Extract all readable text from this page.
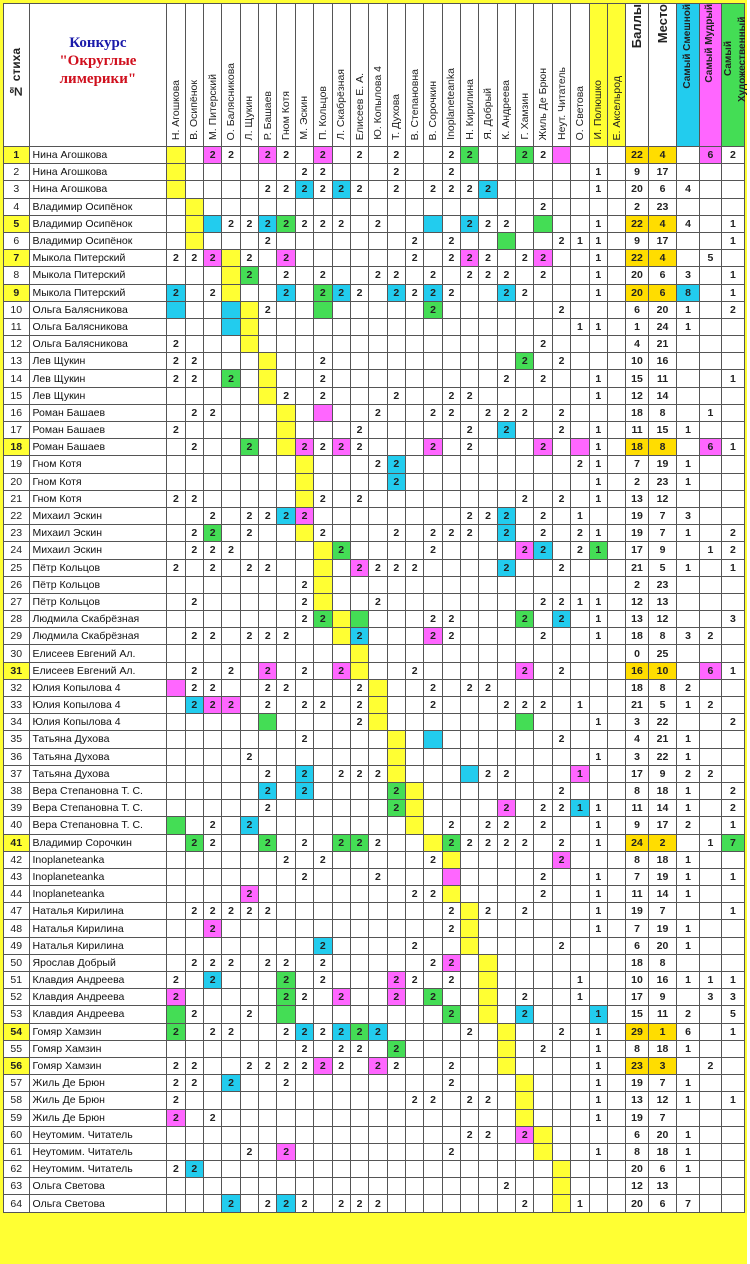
№ стиха	Конкурс
"Округлые лимерики"	Н. Агошкова	В. Осипёнок	М. Питерский	О. Балясникова	Л. Щукин	Р. Башаев	Гном Котя	М. Эскин	П. Кольцов	Л. Скабрёзная	Елисеев Е. А.	Ю. Копылова 4	Т. Духова	В. Степановна	В. Сорочкин	Inoplaneteanka	Н. Кирилина	Я. Добрый	К. Андреева	Г. Хамзин	Жиль Де Брюн	Неут. Читатель	О. Светова	И. Полюшко	Е. Аксельрод	Баллы	Место	Самый Смешной	Самый Мудрый	Самый Художественный
1	Нина Агошкова			2	2		2	2		2		2		2			2	2			2	2					22	4		6	2
2	Нина Агошкова								2	2				2			2								1		9	17			
3	Нина Агошкова						2	2	2	2	2	2		2		2	2	2	2						1		20	6	4		
4	Владимир Осипёнок																					2					2	23			
5	Владимир Осипёнок				2	2	2	2	2	2	2		2					2	2	2					1		22	4	4		1
6	Владимир Осипёнок						2								2		2						2	1	1		9	17			1
7	Мыкола Питерский	2	2	2		2		2							2		2	2	2		2	2			1		22	4		5	
8	Мыкола Питерский					2		2		2			2	2		2		2	2	2		2			1		20	6	3		1
9	Мыкола Питерский	2		2				2		2	2	2		2	2	2	2			2	2				1		20	6	8		1
10	Ольга Балясникова						2									2							2				6	20	1		2
11	Ольга Балясникова																							1	1		1	24	1		
12	Ольга Балясникова	2																				2					4	21			
13	Лев Щукин	2	2							2											2		2				10	16			
14	Лев Щукин	2	2		2					2										2		2			1		15	11			1
15	Лев Щукин							2		2				2			2	2							1		12	14			
16	Роман Башаев		2	2									2			2	2		2	2	2		2				18	8		1	
17	Роман Башаев	2										2						2		2			2		1		11	15	1		
18	Роман Башаев		2			2			2	2	2	2				2		2				2			1		18	8		6	1
19	Гном Котя												2	2										2	1		7	19	1		
20	Гном Котя													2											1		2	23	1		
21	Гном Котя	2	2							2		2									2		2		1		13	12			
22	Михаил Эскин			2		2	2	2	2									2	2	2		2		1			19	7	3		
23	Михаил Эскин		2	2		2				2				2		2	2	2		2		2		2	1		19	7	1		2
24	Михаил Эскин		2	2	2						2					2					2	2		2	1		17	9		1	2
25	Пётр Кольцов	2		2		2	2					2	2	2	2					2			2				21	5	1		1
26	Пётр Кольцов								2																		2	23			
27	Пётр Кольцов		2						2				2									2	2	1	1		12	13			
28	Людмила Скабрёзная								2	2						2	2				2		2		1		13	12			3
29	Людмила Скабрёзная		2	2		2	2	2				2				2	2					2			1		18	8	3	2	
30	Елисеев Евгений Ал.																										0	25			
31	Елисеев Евгений Ал.		2		2		2		2		2				2						2		2				16	10		6	1
32	Юлия Копылова 4		2	2			2	2				2				2		2	2								18	8	2		
33	Юлия Копылова 4		2	2	2		2		2	2		2				2				2	2	2		1			21	5	1	2	
34	Юлия Копылова 4											2													1		3	22			2
35	Татьяна Духова								2														2				4	21	1		
36	Татьяна Духова					2																			1		3	22	1		
37	Татьяна Духова						2		2		2	2	2						2	2				1			17	9	2	2	
38	Вера Степановна Т. С.						2		2					2									2				8	18	1		2
39	Вера Степановна Т. С.						2							2						2		2	2	1	1		11	14	1		2
40	Вера Степановна Т. С.			2		2											2		2	2		2			1		9	17	2		1
41	Владимир Сорочкин		2	2			2		2		2	2	2				2	2	2	2	2		2		1		24	2		1	7
42	Inoplaneteanka							2		2						2							2				8	18	1		
43	Inoplaneteanka								2				2									2			1		7	19	1		1
44	Inoplaneteanka					2									2	2						2			1		11	14	1		
47	Наталья Кирилина		2	2	2	2	2										2		2		2				1		19	7			1
48	Наталья Кирилина			2													2								1		7	19	1		
49	Наталья Кирилина									2					2								2				6	20	1		
50	Ярослав Добрый		2	2	2		2	2		2						2	2										18	8			
51	Клавдия Андреева	2		2				2		2				2	2		2							1			10	16	1	1	1
52	Клавдия Андреева	2						2	2		2			2		2					2			1			17	9		3	3
53	Клавдия Андреева		2			2											2				2				1		15	11	2		5
54	Гомяр Хамзин	2		2	2			2	2	2	2	2	2					2					2		1		29	1	6		1
55	Гомяр Хамзин								2		2	2		2								2			1		8	18	1		
56	Гомяр Хамзин	2	2			2	2	2	2	2	2		2	2			2								1		23	3		2	
57	Жиль Де Брюн	2	2		2			2									2								1		19	7	1		
58	Жиль Де Брюн	2													2	2		2	2						1		13	12	1		1
59	Жиль Де Брюн	2		2																					1		19	7			
60	Неутомим. Читатель																	2	2		2						6	20	1		
61	Неутомим. Читатель					2		2									2								1		8	18	1		
62	Неутомим. Читатель	2	2																								20	6	1		
63	Ольга Светова																			2							12	13			
64	Ольга Светова				2		2	2	2		2	2	2								2			1			20	6	7		
